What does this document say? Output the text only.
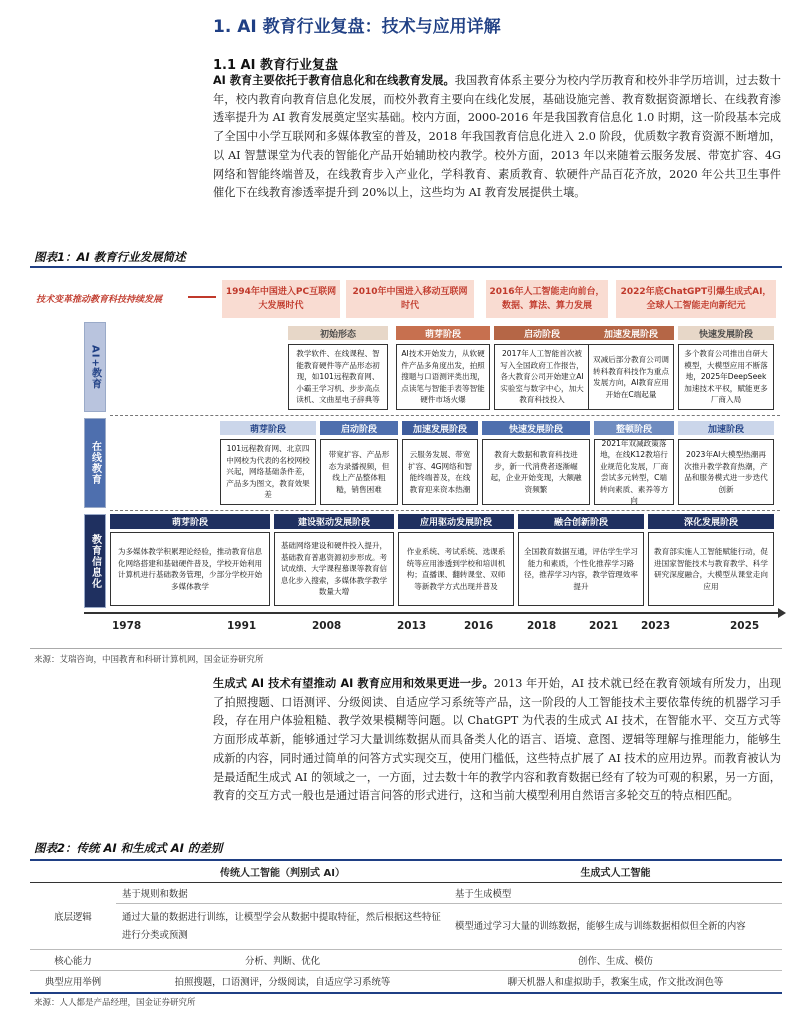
1. AI 教育行业复盘：技术与应用详解
1.1 AI 教育行业复盘
AI 教育主要依托于教育信息化和在线教育发展。我国教育体系主要分为校内学历教育和校外非学历培训，过去数十年，校内教育向教育信息化发展，而校外教育主要向在线化发展，基础设施完善、教育数据资源增长、在线教育渗透率提升为 AI 教育发展奠定坚实基础。校内方面，2000-2016 年是我国教育信息化 1.0 时期，这一阶段基本完成了全国中小学互联网和多媒体教室的普及，2018 年我国教育信息化进入 2.0 阶段，优质数字教育资源不断增加，以 AI 智慧课堂为代表的智能化产品开始辅助校内教学。校外方面，2013 年以来随着云服务发展、带宽扩容、4G 网络和智能终端普及，在线教育步入产业化，学科教育、素质教育、软硬件产品百花齐放，2020 年公共卫生事件催化下在线教育渗透率提升到 20%以上，这些均为 AI 教育发展提供土壤。
图表1：AI 教育行业发展简述
技术变革推动教育科技持续发展
1994年中国进入PC互联网大发展时代
2010年中国进入移动互联网时代
2016年人工智能走向前台，数据、算法、算力发展
2022年底ChatGPT引爆生成式AI，全球人工智能走向新纪元
AI+教育
在线教育
教育信息化
初始形态
教学软件、在线课程、智能教育硬件等产品形态初现，如101远程教育网、小霸王学习机、步步高点读机、文曲星电子辞典等
萌芽阶段
AI技术开始发力，从软硬件产品多角度出发，拍照搜题与口语测评类出现，点读笔与智能手表等智能硬件市场火爆
启动阶段
2017年人工智能首次被写入全国政府工作报告，各大教育公司开始建立AI实验室与数字中心，加大教育科技投入
加速发展阶段
双减后部分教育公司调转科教育科技作为重点发展方向，AI教育应用开始在C端起量
快速发展阶段
多个教育公司推出自研大模型，大模型应用不断落地，2025年DeepSeek加速技术平权，赋能更多厂商入局
萌芽阶段
101远程教育网、北京四中网校为代表的名校网校兴起，网络基础条件差，产品多为图文，教育效果差
启动阶段
带宽扩容、产品形态为录播视频，但线上产品整体粗糙，销售困难
加速发展阶段
云服务发展、带宽扩容、4G网络和智能终端普及，在线教育迎来资本热潮
快速发展阶段
教育大数据和教育科技进步，新一代消费者逐渐崛起，企业开始变现，大额融资频繁
整顿阶段
2021年双减政策落地，在线K12教培行业规范化发展，厂商尝试多元转型，C端转向素质、素养等方向
加速阶段
2023年AI大模型热潮再次推升教学教育热潮，产品和服务模式进一步迭代创新
萌芽阶段
为多媒体教学积累理论经验，推动教育信息化网络搭建和基础硬件普及，学校开始利用计算机进行基础教务管理，少部分学校开始多媒体教学
建设驱动发展阶段
基础网络建设和硬件投入提升，基础教育普惠资源初步形成。考试成绩、大学课程慕课等教育信息化步入搜索，多媒体教学教学数量大增
应用驱动发展阶段
作业系统、考试系统、选课系统等应用渗透到学校和培训机构；直播课、翻转课堂、双师等新教学方式出现并普及
融合创新阶段
全国教育数据互通，评估学生学习能力和素质，个性化推荐学习路径，推荐学习内容，教学管理效率提升
深化发展阶段
教育部实施人工智能赋能行动，促进国家智能技术与教育教学、科学研究深度融合，大模型从课堂走向应用
1978	1991	2008	2013	2016	2018	2021 2023	2025
来源：艾瑞咨询，中国教育和科研计算机网，国金证券研究所
生成式 AI 技术有望推动 AI 教育应用和效果更进一步。2013 年开始，AI 技术就已经在教育领域有所发力，出现了拍照搜题、口语测评、分级阅读、自适应学习系统等产品，这一阶段的人工智能技术主要依靠传统的机器学习手段，存在用户体验粗糙、教学效果模糊等问题。以 ChatGPT 为代表的生成式 AI 技术，在智能水平、交互方式等方面形成革新，能够通过学习大量训练数据从而具备类人化的语言、语境、意图、逻辑等理解与推理能力，能够生成新的内容，同时通过简单的问答方式实现交互，使用门槛低，这些特点扩展了 AI 技术的应用边界。而教育被认为是最适配生成式 AI 的领域之一，一方面，过去数十年的教学内容和教育数据已经有了较为可观的积累，另一方面，教育的交互方式一般也是通过语言问答的形式进行，这和当前大模型利用自然语言多轮交互的特点相匹配。
图表2：传统 AI 和生成式 AI 的差别
	传统人工智能（判别式 AI）	生成式人工智能
底层逻辑	基于规则和数据	基于生成模型
	通过大量的数据进行训练，让模型学会从数据中提取特征，然后根据这些特征进行分类或预测	模型通过学习大量的训练数据，能够生成与训练数据相似但全新的内容
核心能力	分析、判断、优化	创作、生成、模仿
典型应用举例	拍照搜题，口语测评，分级阅读，自适应学习系统等	聊天机器人和虚拟助手，教案生成，作文批改润色等
来源：人人都是产品经理，国金证券研究所
